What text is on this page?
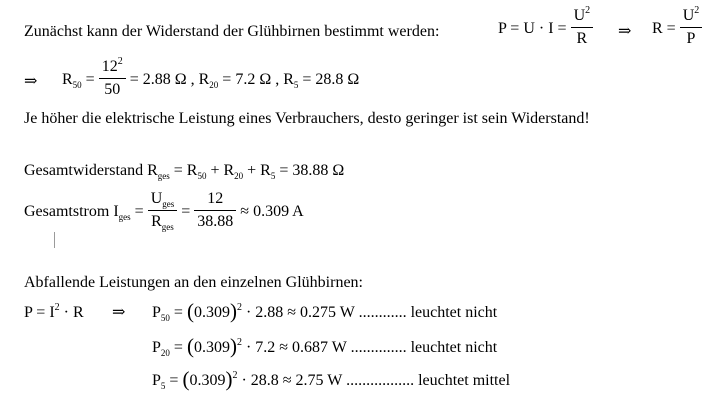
Zunächst kann der Widerstand der Glühbirnen bestimmt werden:	$P = U \cdot I = \frac{U^2}{R}$ ⇒ $R = \frac{U^2}{P}$
⇒ $R_{50} = \frac{12^2}{50} = 2.88$ Ω , $R_{20} = 7.2$ Ω , $R_5 = 28.8$ Ω
Je höher die elektrische Leistung eines Verbrauchers, desto geringer ist sein Widerstand!
Gesamtwiderstand $R_{ges} = R_{50} + R_{20} + R_5 = 38.88$ Ω
Gesamtstrom $I_{ges} = \frac{U_{ges}}{R_{ges}} = \frac{12}{38.88} \approx 0.309$ A
Abfallende Leistungen an den einzelnen Glühbirnen:
$P = I^2 \cdot R$ ⇒ $P_{50} = (0.309)^2 \cdot 2.88 \approx 0.275$ W ............ leuchtet nicht
$P_{20} = (0.309)^2 \cdot 7.2 \approx 0.687$ W .............. leuchtet nicht
$P_5 = (0.309)^2 \cdot 28.8 \approx 2.75$ W ................. leuchtet mittel
